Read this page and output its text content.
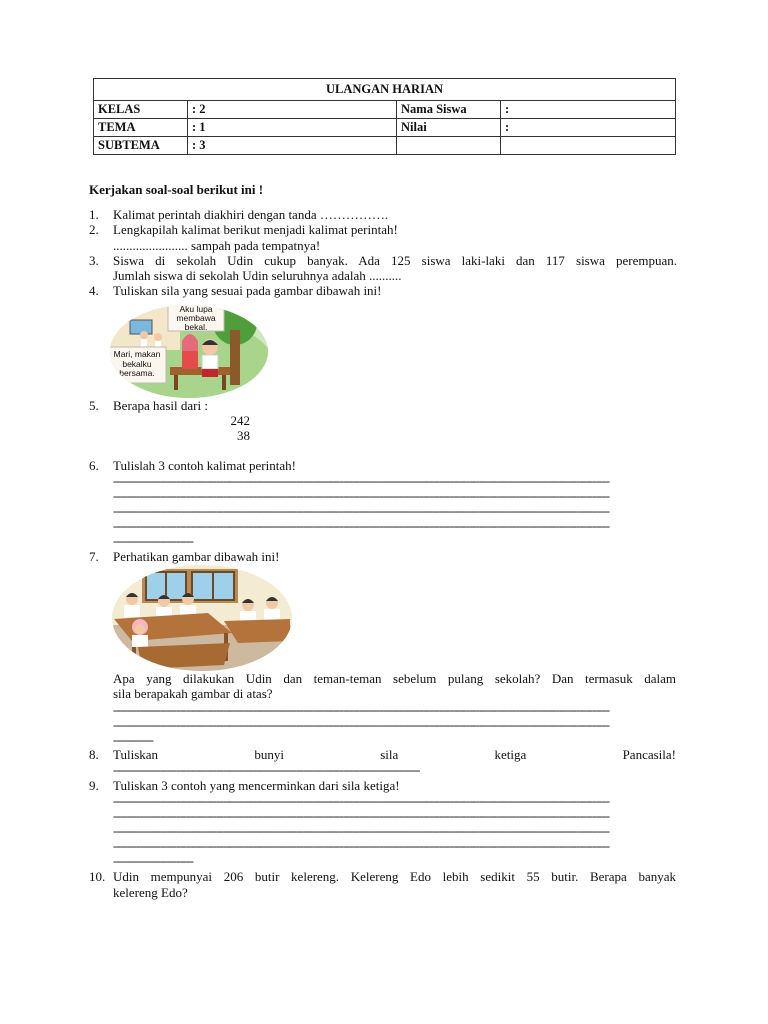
ULANGAN HARIAN			
KELAS	: 2	Nama Siswa	:
TEMA	: 1	Nilai	:
SUBTEMA	: 3		
Kerjakan soal-soal berikut ini !
1.	Kalimat perintah diakhiri dengan tanda …………….
2.	Lengkapilah kalimat berikut menjadi kalimat perintah!
....................... sampah pada tempatnya!
3.	Siswa di sekolah Udin cukup banyak. Ada 125 siswa laki-laki dan 117 siswa perempuan.
Jumlah siswa di sekolah Udin seluruhnya adalah ..........
4.	Tuliskan sila yang sesuai pada gambar dibawah ini!
Aku lupa membawa bekal.
Mari, makan bekalku bersama.
5.	Berapa hasil dari :
242
38
6.	Tulislah 3 contoh kalimat perintah!
-----------------------------------------------------------------------------------------------------------------------------------------------------
-----------------------------------------------------------------------------------------------------------------------------------------------------
-----------------------------------------------------------------------------------------------------------------------------------------------------
-----------------------------------------------------------------------------------------------------------------------------------------------------
------------------------
7.	Perhatikan gambar dibawah ini!
Apa yang dilakukan Udin dan teman-teman sebelum pulang sekolah? Dan termasuk dalam
sila berapakah gambar di atas?
-----------------------------------------------------------------------------------------------------------------------------------------------------
-----------------------------------------------------------------------------------------------------------------------------------------------------
------------
8.	Tuliskan bunyi sila ketiga Pancasila!
--------------------------------------------------------------------------------------------
9.	Tuliskan 3 contoh yang mencerminkan dari sila ketiga!
-----------------------------------------------------------------------------------------------------------------------------------------------------
-----------------------------------------------------------------------------------------------------------------------------------------------------
-----------------------------------------------------------------------------------------------------------------------------------------------------
-----------------------------------------------------------------------------------------------------------------------------------------------------
------------------------
10. Udin mempunyai 206 butir kelereng. Kelereng Edo lebih sedikit 55 butir. Berapa banyak
kelereng Edo?
